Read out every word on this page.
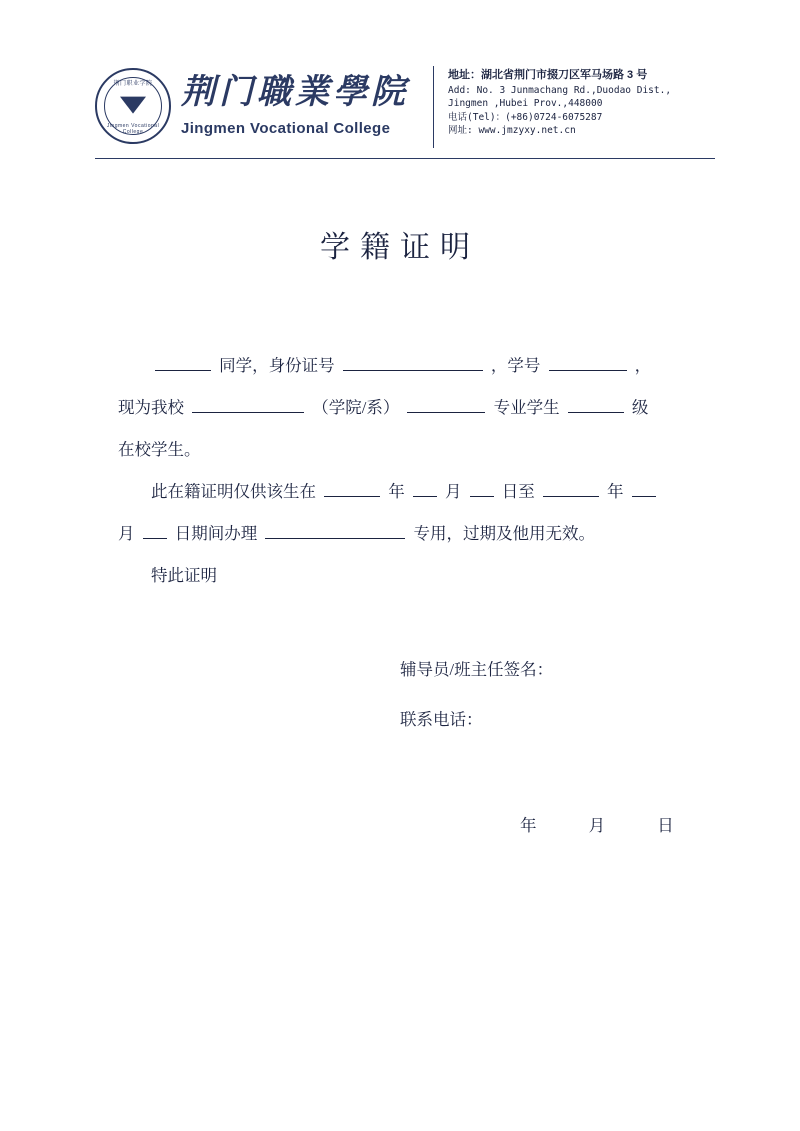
荆门职业学院
Jingmen Vocational College
荆门職業學院
Jingmen Vocational College
地址：湖北省荆门市掇刀区军马场路 3 号
Add: No. 3 Junmachang Rd.,Duodao Dist.,
Jingmen ,Hubei Prov.,448000
电话(Tel)：(+86)0724-6075287
网址: www.jmzyxy.net.cn
学籍证明
同学，身份证号	，学号	，
现为我校	（学院/系）	专业学生	级
在校学生。
此在籍证明仅供该生在	年 月 日至	年
月 日期间办理	专用，过期及他用无效。
特此证明
辅导员/班主任签名：
联系电话：
年	月	日
